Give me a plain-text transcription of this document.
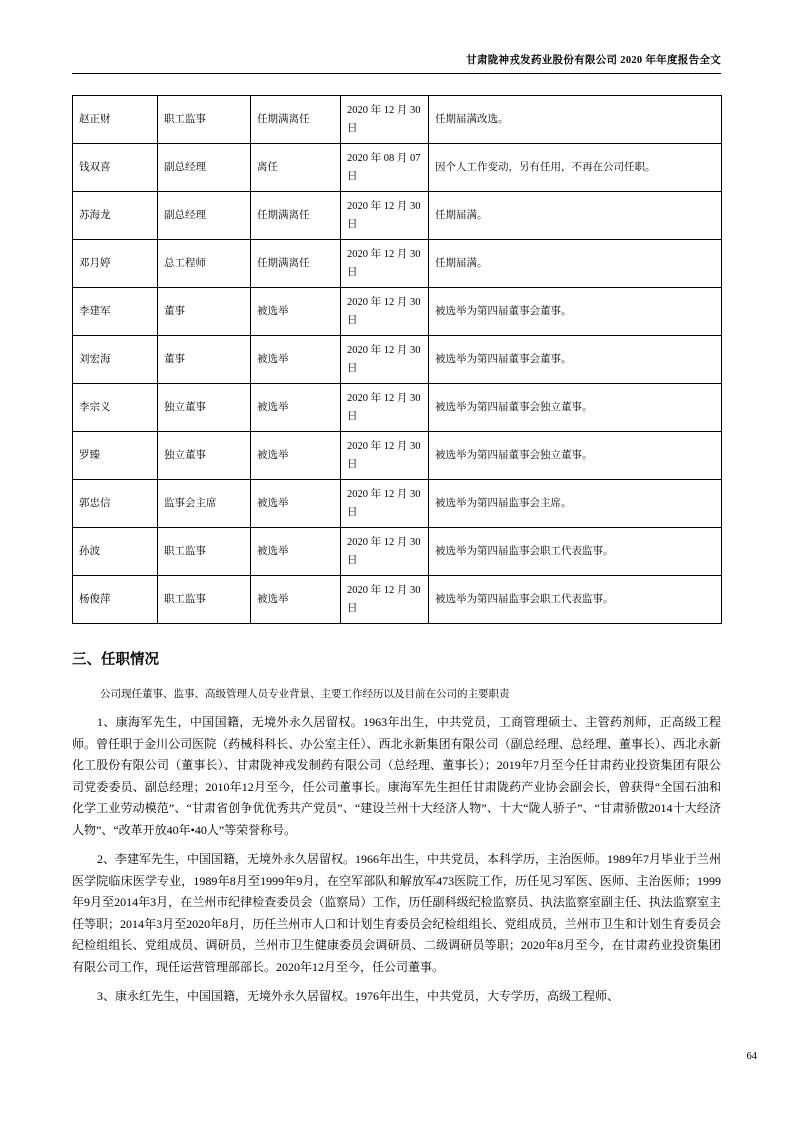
甘肃陇神戎发药业股份有限公司 2020 年年度报告全文
赵正财	职工监事	任期满离任	2020 年 12 月 30 日	任期届满改选。
钱双喜	副总经理	离任	2020 年 08 月 07 日	因个人工作变动，另有任用，不再在公司任职。
苏海龙	副总经理	任期满离任	2020 年 12 月 30 日	任期届满。
邓月婷	总工程师	任期满离任	2020 年 12 月 30 日	任期届满。
李建军	董事	被选举	2020 年 12 月 30 日	被选举为第四届董事会董事。
刘宏海	董事	被选举	2020 年 12 月 30 日	被选举为第四届董事会董事。
李宗义	独立董事	被选举	2020 年 12 月 30 日	被选举为第四届董事会独立董事。
罗臻	独立董事	被选举	2020 年 12 月 30 日	被选举为第四届董事会独立董事。
郭忠信	监事会主席	被选举	2020 年 12 月 30 日	被选举为第四届监事会主席。
孙波	职工监事	被选举	2020 年 12 月 30 日	被选举为第四届监事会职工代表监事。
杨俊萍	职工监事	被选举	2020 年 12 月 30 日	被选举为第四届监事会职工代表监事。
三、任职情况
公司现任董事、监事、高级管理人员专业背景、主要工作经历以及目前在公司的主要职责

1、康海军先生，中国国籍，无境外永久居留权。1963年出生，中共党员，工商管理硕士、主管药剂师，正高级工程师。曾任职于金川公司医院（药械科科长、办公室主任）、西北永新集团有限公司（副总经理、总经理、董事长）、西北永新化工股份有限公司（董事长）、甘肃陇神戎发制药有限公司（总经理、董事长）；2019年7月至今任甘肃药业投资集团有限公司党委委员、副总经理；2010年12月至今，任公司董事长。康海军先生担任甘肃陇药产业协会副会长，曾获得“全国石油和化学工业劳动模范”、“甘肃省创争优优秀共产党员”、“建设兰州十大经济人物”、十大“陇人骄子”、“甘肃骄傲2014十大经济人物”、“改革开放40年•40人”等荣誉称号。

2、李建军先生，中国国籍，无境外永久居留权。1966年出生，中共党员，本科学历，主治医师。1989年7月毕业于兰州医学院临床医学专业，1989年8月至1999年9月，在空军部队和解放军473医院工作，历任见习军医、医师、主治医师；1999年9月至2014年3月，在兰州市纪律检查委员会（监察局）工作，历任副科级纪检监察员、执法监察室副主任、执法监察室主任等职；2014年3月至2020年8月，历任兰州市人口和计划生育委员会纪检组组长、党组成员，兰州市卫生和计划生育委员会纪检组组长、党组成员、调研员，兰州市卫生健康委员会调研员、二级调研员等职；2020年8月至今，在甘肃药业投资集团有限公司工作，现任运营管理部部长。2020年12月至今，任公司董事。

3、康永红先生，中国国籍，无境外永久居留权。1976年出生，中共党员，大专学历，高级工程师、

64
